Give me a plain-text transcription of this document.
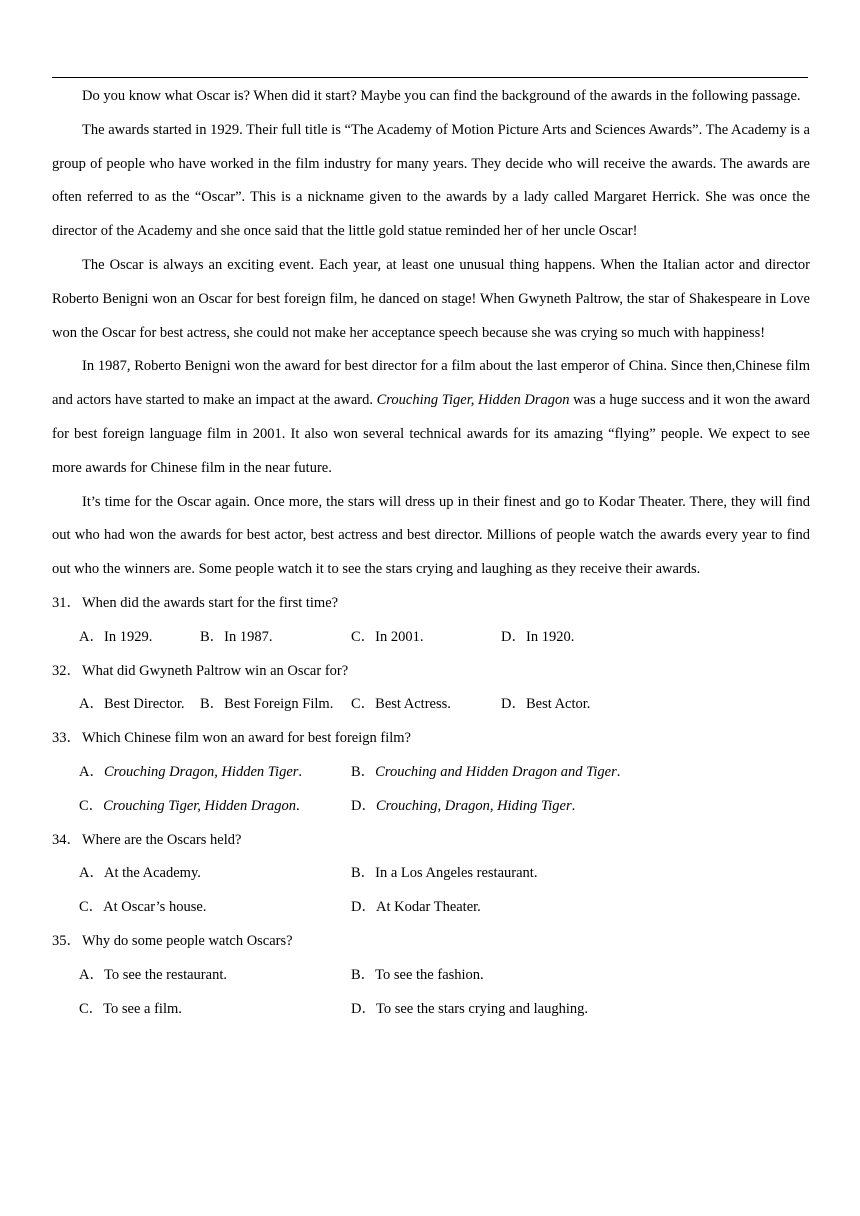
Do you know what Oscar is? When did it start? Maybe you can find the background of the awards in the following passage.

The awards started in 1929. Their full title is “The Academy of Motion Picture Arts and Sciences Awards”. The Academy is a group of people who have worked in the film industry for many years. They decide who will receive the awards. The awards are often referred to as the “Oscar”. This is a nickname given to the awards by a lady called Margaret Herrick. She was once the director of the Academy and she once said that the little gold statue reminded her of her uncle Oscar!

The Oscar is always an exciting event. Each year, at least one unusual thing happens. When the Italian actor and director Roberto Benigni won an Oscar for best foreign film, he danced on stage! When Gwyneth Paltrow, the star of Shakespeare in Love won the Oscar for best actress, she could not make her acceptance speech because she was crying so much with happiness!

In 1987, Roberto Benigni won the award for best director for a film about the last emperor of China. Since then,Chinese film and actors have started to make an impact at the award. Crouching Tiger, Hidden Dragon was a huge success and it won the award for best foreign language film in 2001. It also won several technical awards for its amazing “flying” people. We expect to see more awards for Chinese film in the near future.

It’s time for the Oscar again. Once more, the stars will dress up in their finest and go to Kodar Theater. There, they will find out who had won the awards for best actor, best actress and best director. Millions of people watch the awards every year to find out who the winners are. Some people watch it to see the stars crying and laughing as they receive their awards.

31．When did the awards start for the first time?
A．In 1929.	B．In 1987.	C．In 2001.	D．In 1920.
32．What did Gwyneth Paltrow win an Oscar for?
A．Best Director. B．Best Foreign Film. C．Best Actress.	D．Best Actor.
33．Which Chinese film won an award for best foreign film?
A．Crouching Dragon, Hidden Tiger.	B．Crouching and Hidden Dragon and Tiger.
C．Crouching Tiger, Hidden Dragon.	D．Crouching, Dragon, Hiding Tiger.
34．Where are the Oscars held?
A．At the Academy.	B．In a Los Angeles restaurant.
C．At Oscar’s house.	D．At Kodar Theater.
35．Why do some people watch Oscars?
A．To see the restaurant.	B．To see the fashion.
C．To see a film.	D．To see the stars crying and laughing.
